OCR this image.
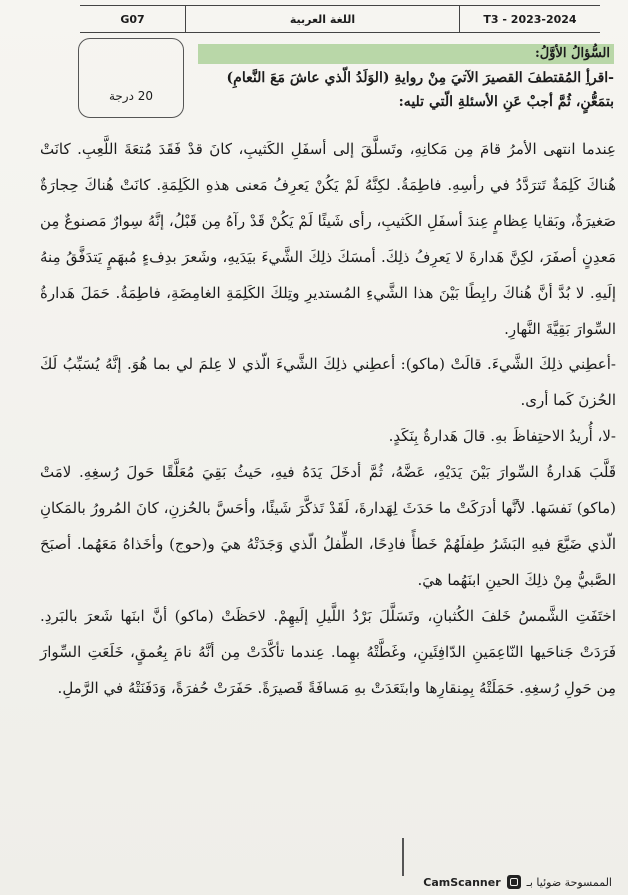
G07	اللغة العربية	T3 - 2023-2024
20 درجة
السُّؤالُ الأوَّلُ:
-اقرأِ المُقتطفَ القصيرَ الآتيَ مِنْ روايةِ (الوَلَدُ الّذي عاشَ مَعَ النَّعامِ) بتمَعُّنٍ، ثُمَّ أجبْ عَنِ الأسئلةِ الّتي تليه:

عِندما انتهى الأمرُ قامَ مِن مَكانِهِ، وتَسلَّقَ إلى أسفَلِ الكَثيبِ، كانَ قدْ فَقَدَ مُتعَةَ اللَّعِبِ. كانَتْ هُناكَ كَلِمَةٌ تَترَدَّدُ في رأسِهِ. فاطِمَةُ. لكِنَّهُ لَمْ يَكُنْ يَعرِفُ مَعنى هذهِ الكَلِمَةِ. كانَتْ هُناكَ حِجارَةٌ صَغيرَةٌ، وبَقايا عِظامٍ عِندَ أسفَلِ الكَثيبِ، رأى شَيئًا لَمْ يَكُنْ قَدْ رآهُ مِن قَبْلُ، إنَّهُ سِوارٌ مَصنوعٌ مِن مَعدِنٍ أصفَرَ، لكِنَّ هَدارةَ لا يَعرِفُ ذلِكَ. أمسَكَ ذلِكَ الشَّيءَ بيَدَيهِ، وشَعرَ بدِفءٍ مُبهَمٍ يَتدَفَّقُ مِنهُ إلَيهِ. لا بُدَّ أنَّ هُناكَ رابِطًا بَيْنَ هذا الشَّيءِ المُستديرِ وتِلكَ الكَلِمَةِ الغامِضَةِ، فاطِمَةُ. حَمَلَ هَدارةُ السِّوارَ بَقِيَّةَ النَّهارِ.

-أعطِني ذلِكَ الشَّيءَ. قالَتْ (ماكو): أعطِني ذلِكَ الشَّيءَ الّذي لا عِلمَ لي بما هُوَ. إنَّهُ يُسَبِّبُ لَكَ الحُزنَ كَما أرى.

-لا، أُريدُ الاحتِفاظَ بهِ. قالَ هَدارةُ بِنَكَدٍ.

قَلَّبَ هَدارةُ السِّوارَ بَيْنَ يَدَيْهِ، عَضَّهُ، ثُمَّ أدخَلَ يَدَهُ فيهِ، حَيثُ بَقِيَ مُعَلَّقًا حَولَ رُسغِهِ. لامَتْ (ماكو) نَفسَها. لأنَّها أدرَكَتْ ما حَدَثَ لِهَدارةَ، لَقَدْ تَذكَّرَ شَيئًا، وأحَسَّ بالحُزنِ، كانَ المُرورُ بالمَكانِ الّذي ضَيَّعَ فيهِ البَشَرُ طِفلَهُمْ خَطأً فادِحًا، الطِّفلُ الّذي وَجَدَتْهُ هيَ و(حوج) وأخَذاهُ مَعَهُما. أصبَحَ الصَّبيُّ مِنْ ذلِكَ الحينِ ابنَهُما هيَ.

اختَفَتِ الشَّمسُ خَلفَ الكُثبانِ، وتَسَلَّلَ بَرْدُ اللَّيلِ إلَيهِمْ. لاحَظَتْ (ماكو) أنَّ ابنَها شَعرَ بالبَردِ. فَرَدَتْ جَناحَيها النّاعِمَينِ الدّافِئَينِ، وغَطَّتْهُ بهِما. عِندما تأكَّدَتْ مِن أنَّهُ نامَ بِعُمقٍ، خَلَعَتِ السِّوارَ مِن حَولِ رُسغِهِ. حَمَلَتْهُ بِمِنقارِها وابتَعَدَتْ بهِ مَسافَةً قَصيرَةً. حَفَرَتْ حُفرَةً، وَدَفَنَتْهُ في الرَّملِ.

CamScanner الممسوحة ضوئيا بـ
